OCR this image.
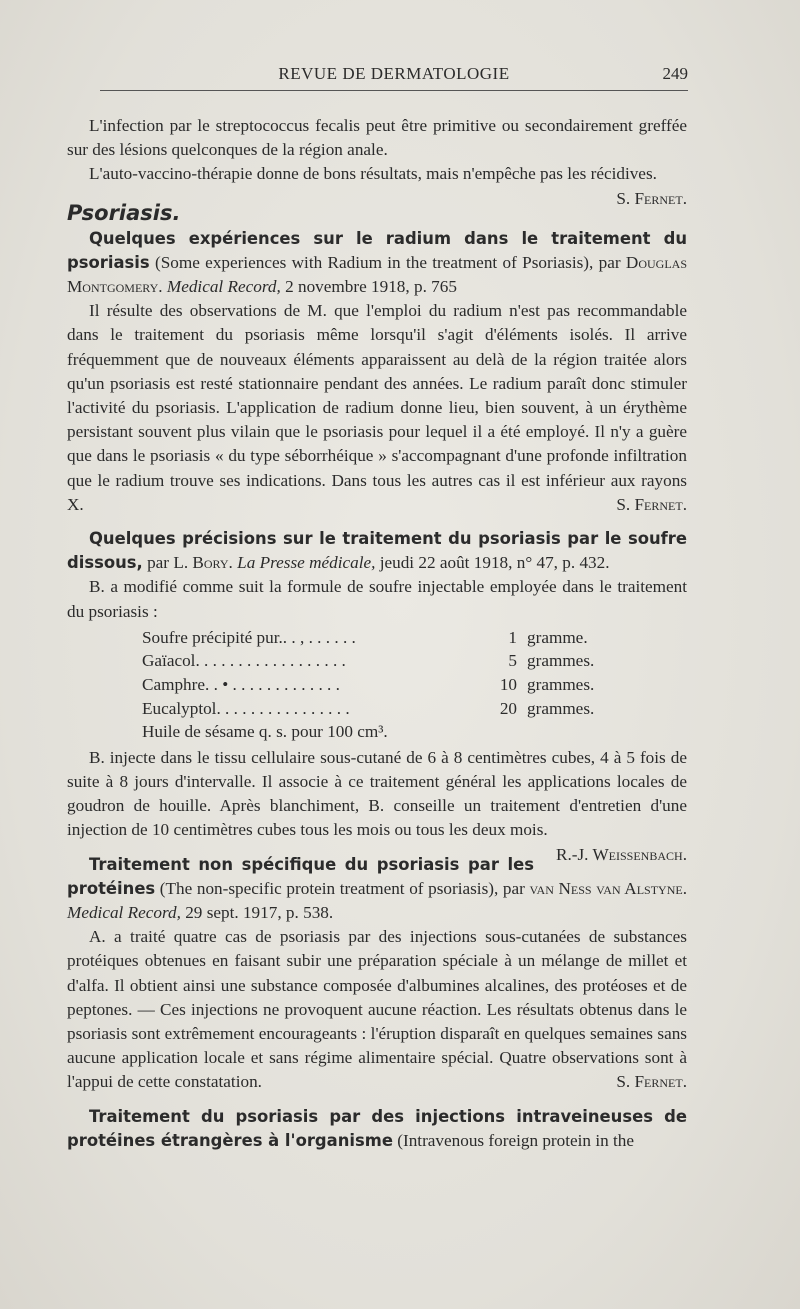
REVUE DE DERMATOLOGIE	249

L'infection par le streptococcus fecalis peut être primitive ou secondairement greffée sur des lésions quelconques de la région anale.

L'auto-vaccino-thérapie donne de bons résultats, mais n'empêche pas les récidives.
S. Fernet.

Psoriasis.

Quelques expériences sur le radium dans le traitement du psoriasis (Some experiences with Radium in the treatment of Psoriasis), par Douglas Montgomery. Medical Record, 2 novembre 1918, p. 765

Il résulte des observations de M. que l'emploi du radium n'est pas recommandable dans le traitement du psoriasis même lorsqu'il s'agit d'éléments isolés. Il arrive fréquemment que de nouveaux éléments apparaissent au delà de la région traitée alors qu'un psoriasis est resté stationnaire pendant des années. Le radium paraît donc stimuler l'activité du psoriasis. L'application de radium donne lieu, bien souvent, à un érythème persistant souvent plus vilain que le psoriasis pour lequel il a été employé. Il n'y a guère que dans le psoriasis « du type séborrhéique » s'accompagnant d'une profonde infiltration que le radium trouve ses indications. Dans tous les autres cas il est inférieur aux rayons X.	S. Fernet.

Quelques précisions sur le traitement du psoriasis par le soufre dissous, par L. Bory. La Presse médicale, jeudi 22 août 1918, n° 47, p. 432.

B. a modifié comme suit la formule de soufre injectable employée dans le traitement du psoriasis :

Soufre précipité pur.. . , . . . . . .	1 gramme.
Gaïacol. . . . . . . . . . . . . . . . . .	5 grammes.
Camphre. . • . . . . . . . . . . . . .	10 grammes.
Eucalyptol. . . . . . . . . . . . . . . .	20 grammes.
Huile de sésame q. s. pour 100 cm³.

B. injecte dans le tissu cellulaire sous-cutané de 6 à 8 centimètres cubes, 4 à 5 fois de suite à 8 jours d'intervalle. Il associe à ce traitement général les applications locales de goudron de houille. Après blanchiment, B. conseille un traitement d'entretien d'une injection de 10 centimètres cubes tous les mois ou tous les deux mois.
R.-J. Weissenbach.

Traitement non spécifique du psoriasis par les protéines (The non-specific protein treatment of psoriasis), par van Ness van Alstyne. Medical Record, 29 sept. 1917, p. 538.

A. a traité quatre cas de psoriasis par des injections sous-cutanées de substances protéiques obtenues en faisant subir une préparation spéciale à un mélange de millet et d'alfa. Il obtient ainsi une substance composée d'albumines alcalines, des protéoses et de peptones. — Ces injections ne provoquent aucune réaction. Les résultats obtenus dans le psoriasis sont extrêmement encourageants : l'éruption disparaît en quelques semaines sans aucune application locale et sans régime alimentaire spécial. Quatre observations sont à l'appui de cette constatation.	S. Fernet.

Traitement du psoriasis par des injections intraveineuses de protéines étrangères à l'organisme (Intravenous foreign protein in the
